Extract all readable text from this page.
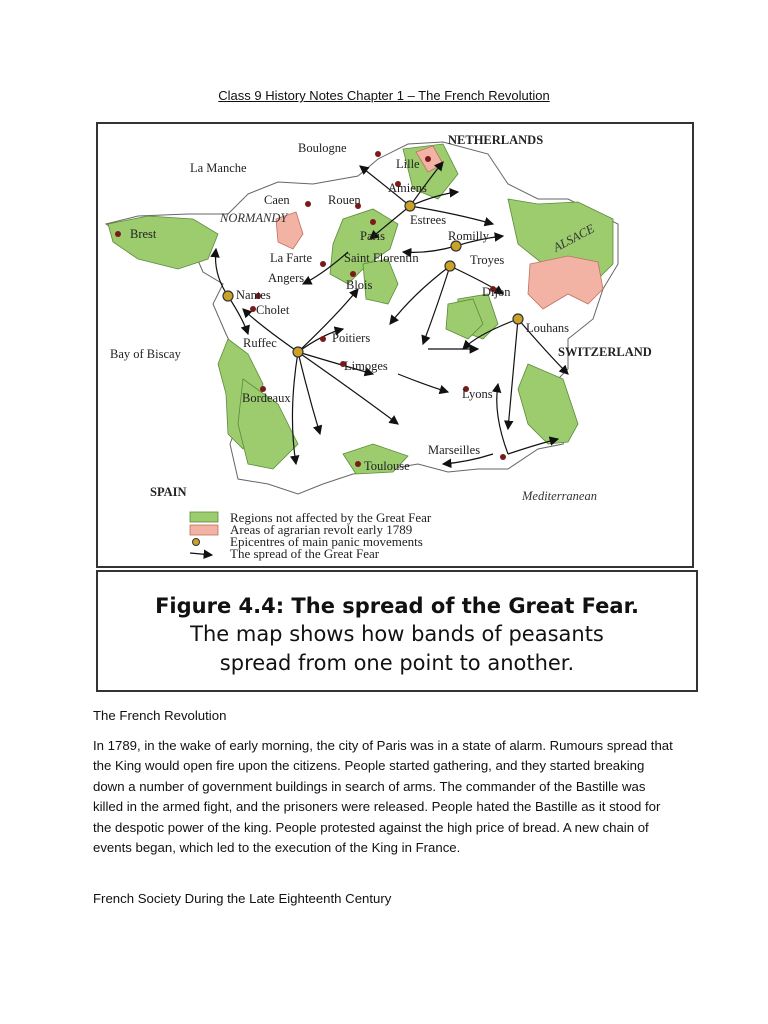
Class 9 History Notes Chapter 1 – The French Revolution
NETHERLANDS
Boulogne
Lille
La Manche
Amiens
Caen	Rouen
Estrees
NORMANDY
Brest	Paris	Romilly	ALSACE
La Farte	Saint Florentin	Troyes
Angers	Blois
Nantes	Dijon
Cholet
Louhans
Poitiers
Ruffec
Bay of Biscay	SWITZERLAND
Limoges
Lyons
Bordeaux
Marseilles
Toulouse
SPAIN	Mediterranean
Regions not affected by the Great Fear
Areas of agrarian revolt early 1789
Epicentres of main panic movements
The spread of the Great Fear
Figure 4.4: The spread of the Great Fear.
The map shows how bands of peasants
spread from one point to another.
The French Revolution
In 1789, in the wake of early morning, the city of Paris was in a state of alarm. Rumours spread that the King would open fire upon the citizens. People started gathering, and they started breaking down a number of government buildings in search of arms. The commander of the Bastille was killed in the armed fight, and the prisoners were released. People hated the Bastille as it stood for the despotic power of the king. People protested against the high price of bread. A new chain of events began, which led to the execution of the King in France.
French Society During the Late Eighteenth Century
